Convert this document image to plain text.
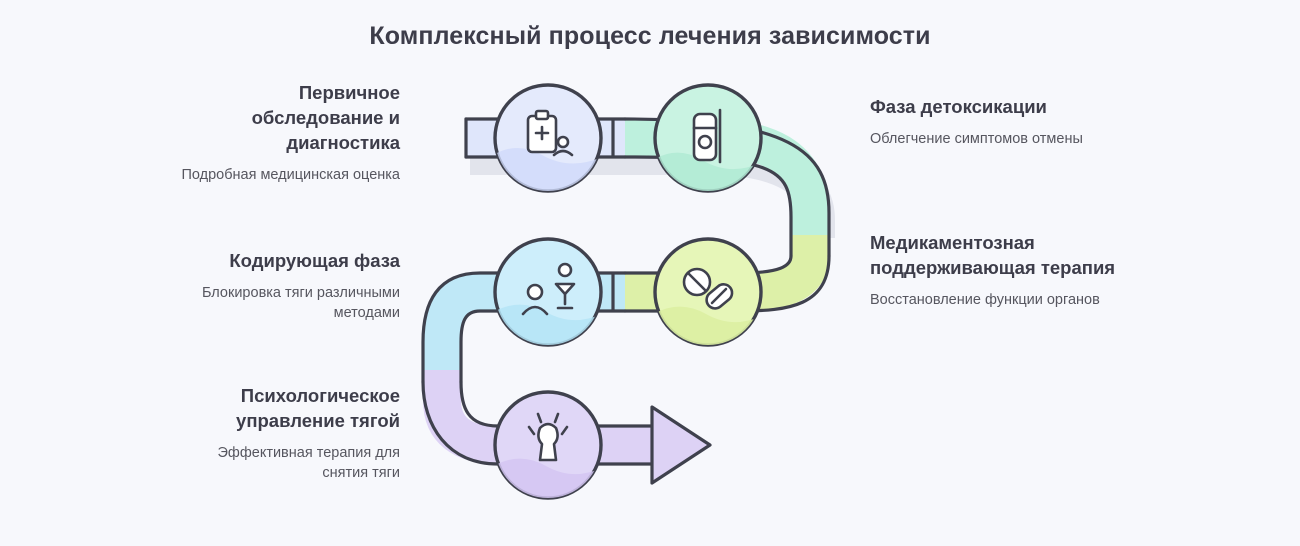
Комплексный процесс лечения зависимости
Первичное обследование и диагностика
Подробная медицинская оценка
Кодирующая фаза
Блокировка тяги различными методами
Психологическое управление тягой
Эффективная терапия для снятия тяги
Фаза детоксикации
Облегчение симптомов отмены
Медикаментозная поддерживающая терапия
Восстановление функции органов
